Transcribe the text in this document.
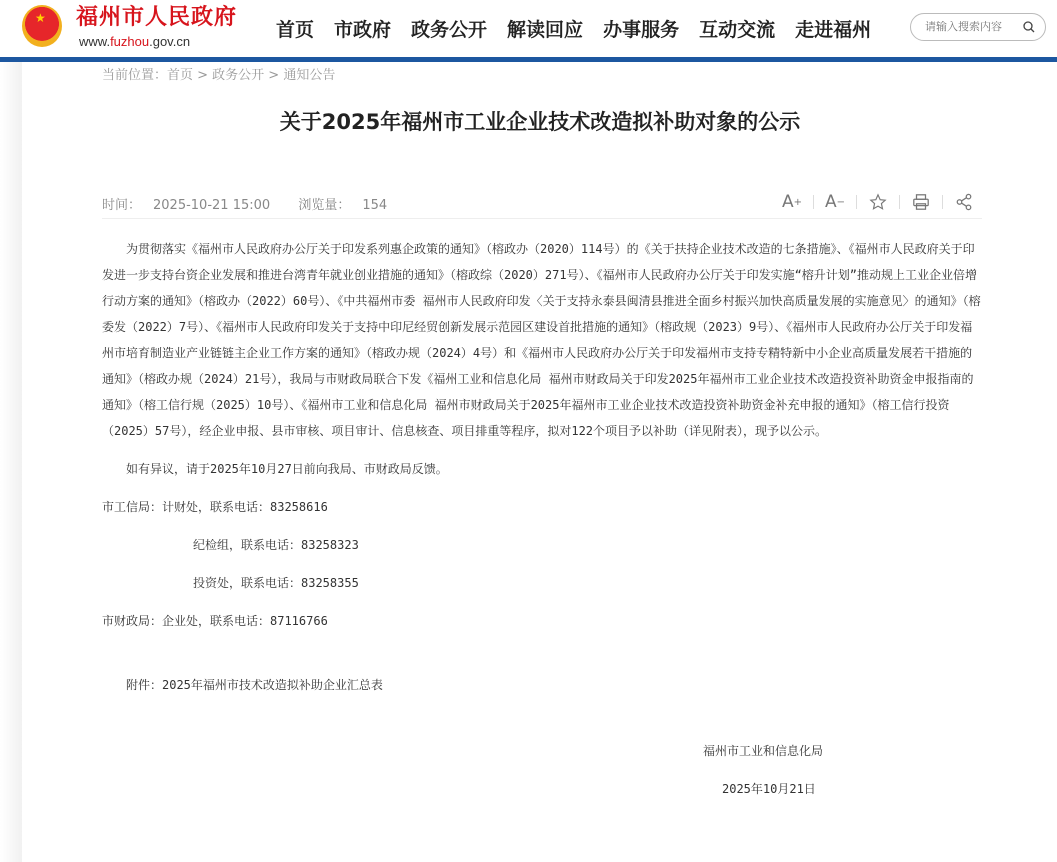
★ 福州市人民政府
www.fuzhou.gov.cn
首页 市政府 政务公开 解读回应 办事服务 互动交流 走进福州
请输入搜索内容
当前位置：首页 > 政务公开 > 通知公告
关于2025年福州市工业企业技术改造拟补助对象的公示
时间： 2025-10-21 15:00 浏览量： 154	A + A −

为贯彻落实《福州市人民政府办公厅关于印发系列惠企政策的通知》（榕政办（2020）114号）的《关于扶持企业技术改造的七条措施》、《福州市人民政府关于印发进一步支持台资企业发展和推进台湾青年就业创业措施的通知》（榕政综（2020）271号）、《福州市人民政府办公厅关于印发实施“榕升计划”推动规上工业企业倍增行动方案的通知》（榕政办（2022）60号）、《中共福州市委 福州市人民政府印发〈关于支持永泰县闽清县推进全面乡村振兴加快高质量发展的实施意见〉的通知》（榕委发（2022）7号）、《福州市人民政府印发关于支持中印尼经贸创新发展示范园区建设首批措施的通知》（榕政规（2023）9号）、《福州市人民政府办公厅关于印发福州市培育制造业产业链链主企业工作方案的通知》（榕政办规（2024）4号）和《福州市人民政府办公厅关于印发福州市支持专精特新中小企业高质量发展若干措施的通知》（榕政办规（2024）21号），我局与市财政局联合下发《福州工业和信息化局 福州市财政局关于印发2025年福州市工业企业技术改造投资补助资金申报指南的通知》（榕工信行规（2025）10号）、《福州市工业和信息化局 福州市财政局关于2025年福州市工业企业技术改造投资补助资金补充申报的通知》（榕工信行投资（2025）57号），经企业申报、县市审核、项目审计、信息核查、项目排重等程序，拟对122个项目予以补助（详见附表），现予以公示。

如有异议，请于2025年10月27日前向我局、市财政局反馈。

市工信局：计财处，联系电话：83258616

纪检组，联系电话：83258323

投资处，联系电话：83258355

市财政局：企业处，联系电话：87116766

附件：2025年福州市技术改造拟补助企业汇总表

福州市工业和信息化局

2025年10月21日
